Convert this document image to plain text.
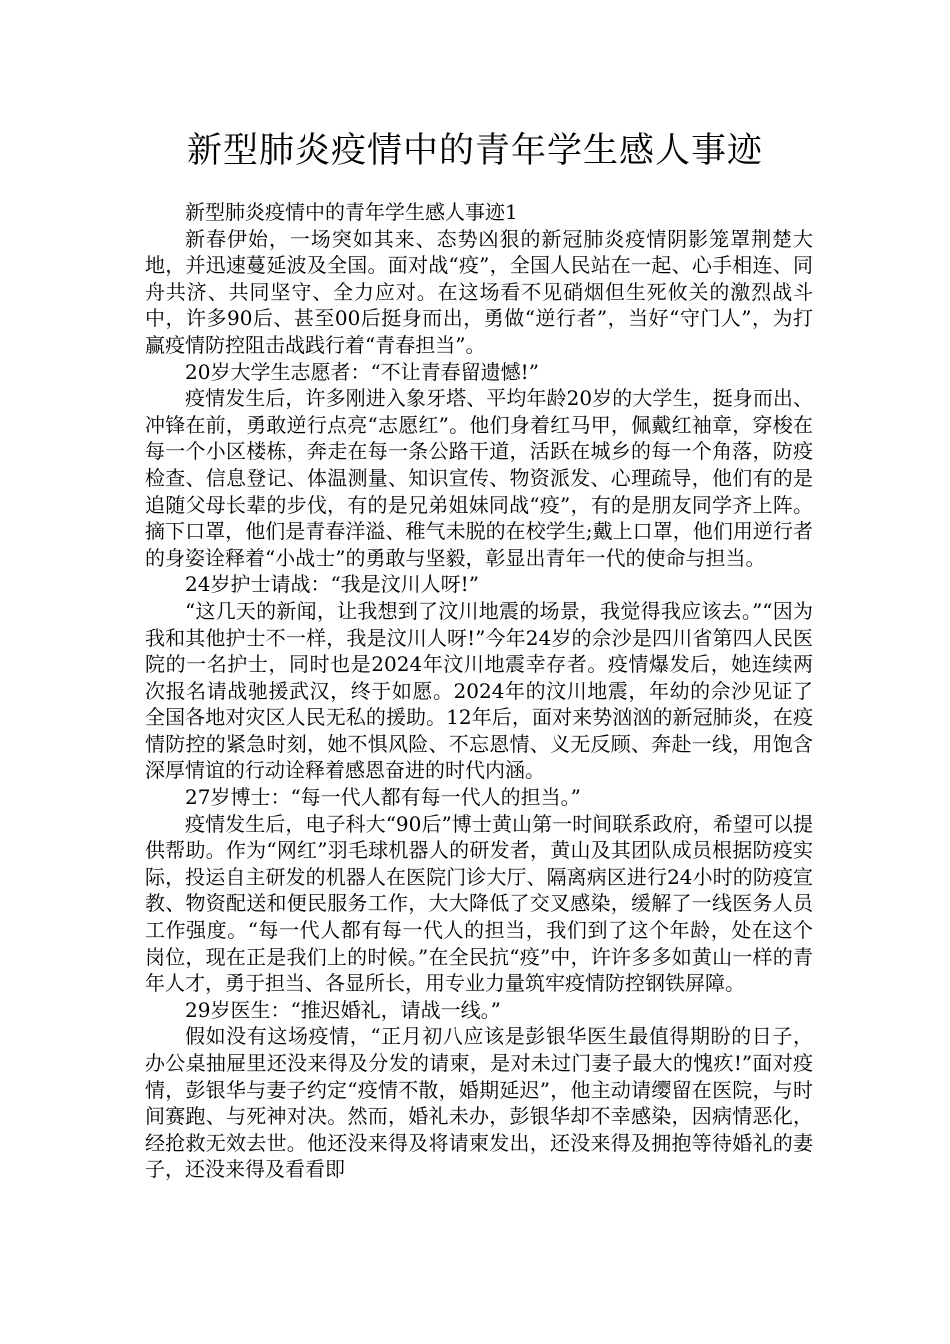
新型肺炎疫情中的青年学生感人事迹

新型肺炎疫情中的青年学生感人事迹1

新春伊始，一场突如其来、态势凶狠的新冠肺炎疫情阴影笼罩荆楚大地，并迅速蔓延波及全国。面对战“疫”，全国人民站在一起、心手相连、同舟共济、共同坚守、全力应对。在这场看不见硝烟但生死攸关的激烈战斗中，许多90后、甚至00后挺身而出，勇做“逆行者”，当好“守门人”，为打赢疫情防控阻击战践行着“青春担当”。

20岁大学生志愿者：“不让青春留遗憾!”

疫情发生后，许多刚进入象牙塔、平均年龄20岁的大学生，挺身而出、冲锋在前，勇敢逆行点亮“志愿红”。他们身着红马甲，佩戴红袖章，穿梭在每一个小区楼栋，奔走在每一条公路干道，活跃在城乡的每一个角落，防疫检查、信息登记、体温测量、知识宣传、物资派发、心理疏导，他们有的是追随父母长辈的步伐，有的是兄弟姐妹同战“疫”，有的是朋友同学齐上阵。摘下口罩，他们是青春洋溢、稚气未脱的在校学生;戴上口罩，他们用逆行者的身姿诠释着“小战士”的勇敢与坚毅，彰显出青年一代的使命与担当。

24岁护士请战：“我是汶川人呀!”

“这几天的新闻，让我想到了汶川地震的场景，我觉得我应该去。”“因为我和其他护士不一样，我是汶川人呀!”今年24岁的佘沙是四川省第四人民医院的一名护士，同时也是2024年汶川地震幸存者。疫情爆发后，她连续两次报名请战驰援武汉，终于如愿。2024年的汶川地震，年幼的佘沙见证了全国各地对灾区人民无私的援助。12年后，面对来势汹汹的新冠肺炎，在疫情防控的紧急时刻，她不惧风险、不忘恩情、义无反顾、奔赴一线，用饱含深厚情谊的行动诠释着感恩奋进的时代内涵。

27岁博士：“每一代人都有每一代人的担当。”

疫情发生后，电子科大“90后”博士黄山第一时间联系政府，希望可以提供帮助。作为“网红”羽毛球机器人的研发者，黄山及其团队成员根据防疫实际，投运自主研发的机器人在医院门诊大厅、隔离病区进行24小时的防疫宣教、物资配送和便民服务工作，大大降低了交叉感染，缓解了一线医务人员工作强度。“每一代人都有每一代人的担当，我们到了这个年龄，处在这个岗位，现在正是我们上的时候。”在全民抗“疫”中，许许多多如黄山一样的青年人才，勇于担当、各显所长，用专业力量筑牢疫情防控钢铁屏障。

29岁医生：“推迟婚礼，请战一线。”

假如没有这场疫情，“正月初八应该是彭银华医生最值得期盼的日子，办公桌抽屉里还没来得及分发的请柬，是对未过门妻子最大的愧疚!”面对疫情，彭银华与妻子约定“疫情不散，婚期延迟”，他主动请缨留在医院，与时间赛跑、与死神对决。然而，婚礼未办，彭银华却不幸感染，因病情恶化，经抢救无效去世。他还没来得及将请柬发出，还没来得及拥抱等待婚礼的妻子，还没来得及看看即
